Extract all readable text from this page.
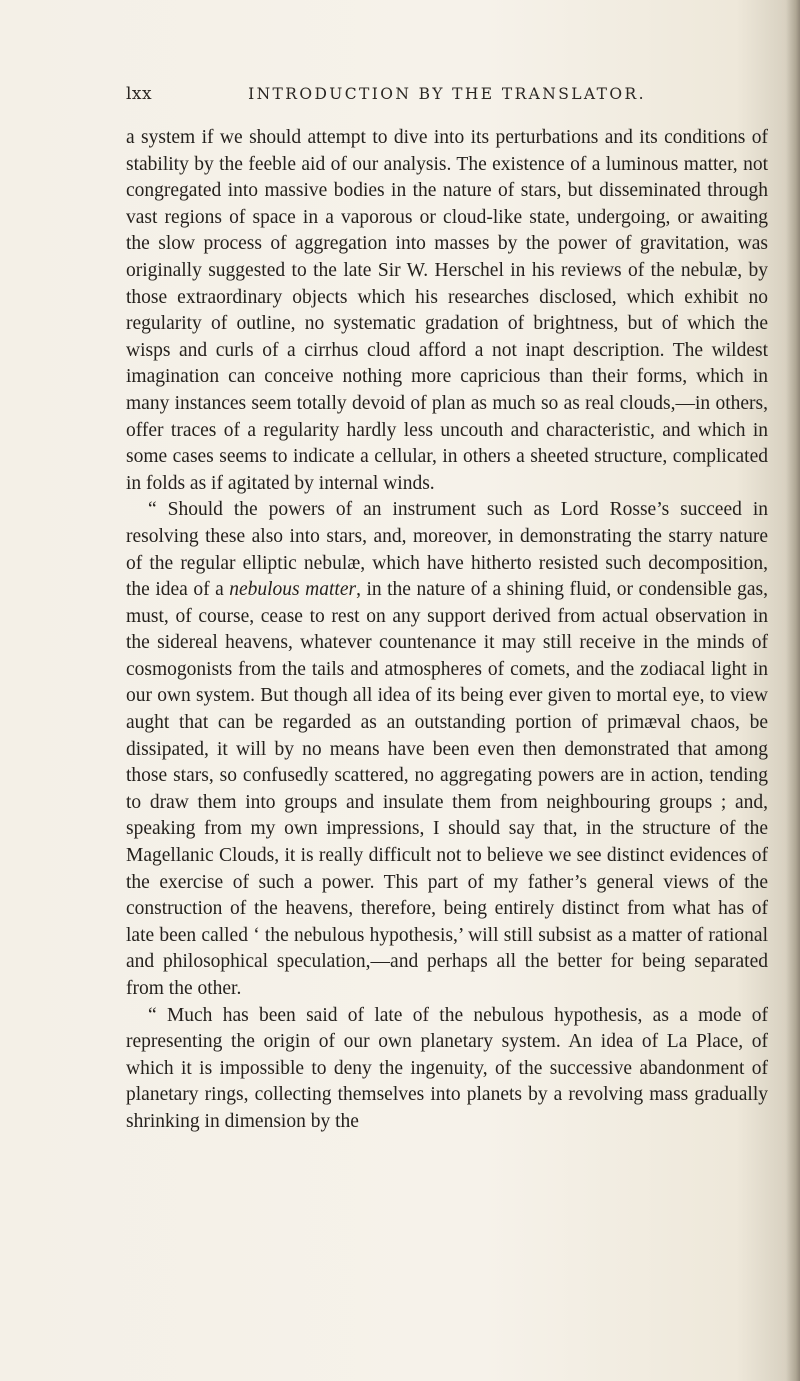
lxx	INTRODUCTION BY THE TRANSLATOR.

a system if we should attempt to dive into its perturbations and its conditions of stability by the feeble aid of our analysis. The existence of a luminous matter, not congregated into massive bodies in the nature of stars, but disseminated through vast regions of space in a vaporous or cloud-like state, undergoing, or awaiting the slow process of aggregation into masses by the power of gravitation, was originally suggested to the late Sir W. Herschel in his reviews of the nebulæ, by those extraordinary objects which his researches disclosed, which exhibit no regularity of outline, no systematic gradation of brightness, but of which the wisps and curls of a cirrhus cloud afford a not inapt description. The wildest imagination can conceive nothing more capricious than their forms, which in many instances seem totally devoid of plan as much so as real clouds,—in others, offer traces of a regularity hardly less uncouth and characteristic, and which in some cases seems to indicate a cellular, in others a sheeted structure, complicated in folds as if agitated by internal winds.

“ Should the powers of an instrument such as Lord Rosse’s succeed in resolving these also into stars, and, moreover, in demonstrating the starry nature of the regular elliptic nebulæ, which have hitherto resisted such decomposition, the idea of a nebulous matter, in the nature of a shining fluid, or condensible gas, must, of course, cease to rest on any support derived from actual observation in the sidereal heavens, whatever countenance it may still receive in the minds of cosmogonists from the tails and atmospheres of comets, and the zodiacal light in our own system. But though all idea of its being ever given to mortal eye, to view aught that can be regarded as an outstanding portion of primæval chaos, be dissipated, it will by no means have been even then demonstrated that among those stars, so confusedly scattered, no aggregating powers are in action, tending to draw them into groups and insulate them from neighbouring groups ; and, speaking from my own impressions, I should say that, in the structure of the Magellanic Clouds, it is really difficult not to believe we see distinct evidences of the exercise of such a power. This part of my father’s general views of the construction of the heavens, therefore, being entirely distinct from what has of late been called ‘ the nebulous hypothesis,’ will still subsist as a matter of rational and philosophical speculation,—and perhaps all the better for being separated from the other.

“ Much has been said of late of the nebulous hypothesis, as a mode of representing the origin of our own planetary system. An idea of La Place, of which it is impossible to deny the ingenuity, of the successive abandonment of planetary rings, collecting themselves into planets by a revolving mass gradually shrinking in dimension by the
